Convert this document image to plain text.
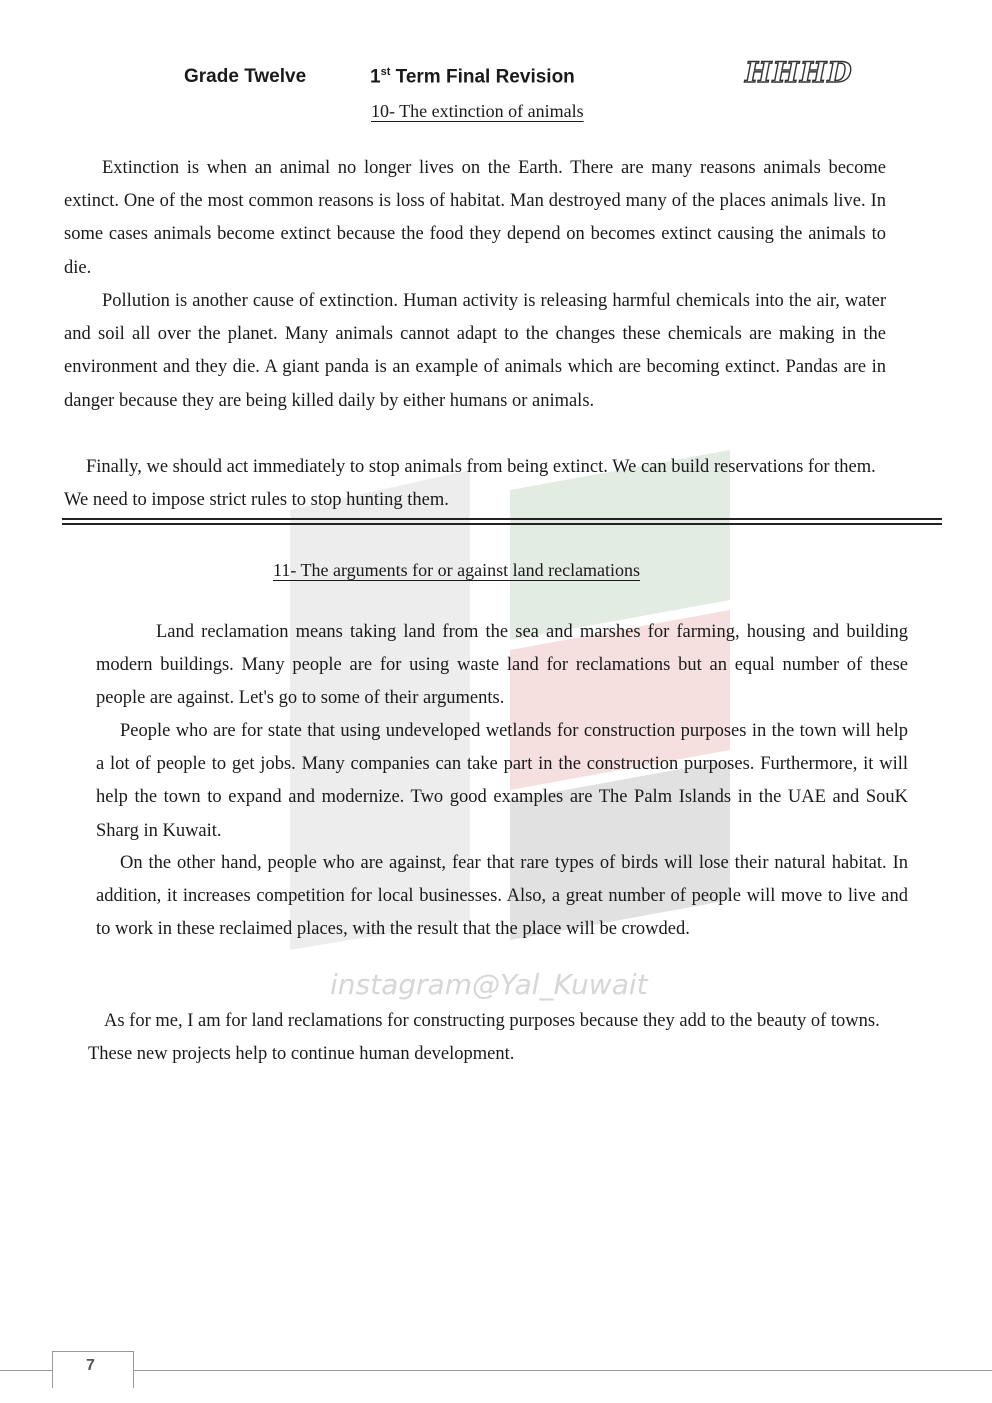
Grade Twelve	1st Term Final Revision	HHHD
10- The extinction of animals
Extinction is when an animal no longer lives on the Earth. There are many reasons animals become extinct. One of the most common reasons is loss of habitat. Man destroyed many of the places animals live. In some cases animals become extinct because the food they depend on becomes extinct causing the animals to die.
Pollution is another cause of extinction. Human activity is releasing harmful chemicals into the air, water and soil all over the planet. Many animals cannot adapt to the changes these chemicals are making in the environment and they die. A giant panda is an example of animals which are becoming extinct. Pandas are in danger because they are being killed daily by either humans or animals.
Finally, we should act immediately to stop animals from being extinct. We can build reservations for them. We need to impose strict rules to stop hunting them.
11- The arguments for or against land reclamations
Land reclamation means taking land from the sea and marshes for farming, housing and building modern buildings. Many people are for using waste land for reclamations but an equal number of these people are against. Let's go to some of their arguments.
People who are for state that using undeveloped wetlands for construction purposes in the town will help a lot of people to get jobs. Many companies can take part in the construction purposes. Furthermore, it will help the town to expand and modernize. Two good examples are The Palm Islands in the UAE and SouK Sharg in Kuwait.
On the other hand, people who are against, fear that rare types of birds will lose their natural habitat. In addition, it increases competition for local businesses. Also, a great number of people will move to live and to work in these reclaimed places, with the result that the place will be crowded.
As for me, I am for land reclamations for constructing purposes because they add to the beauty of towns. These new projects help to continue human development.
instagram@Yal_Kuwait
7
